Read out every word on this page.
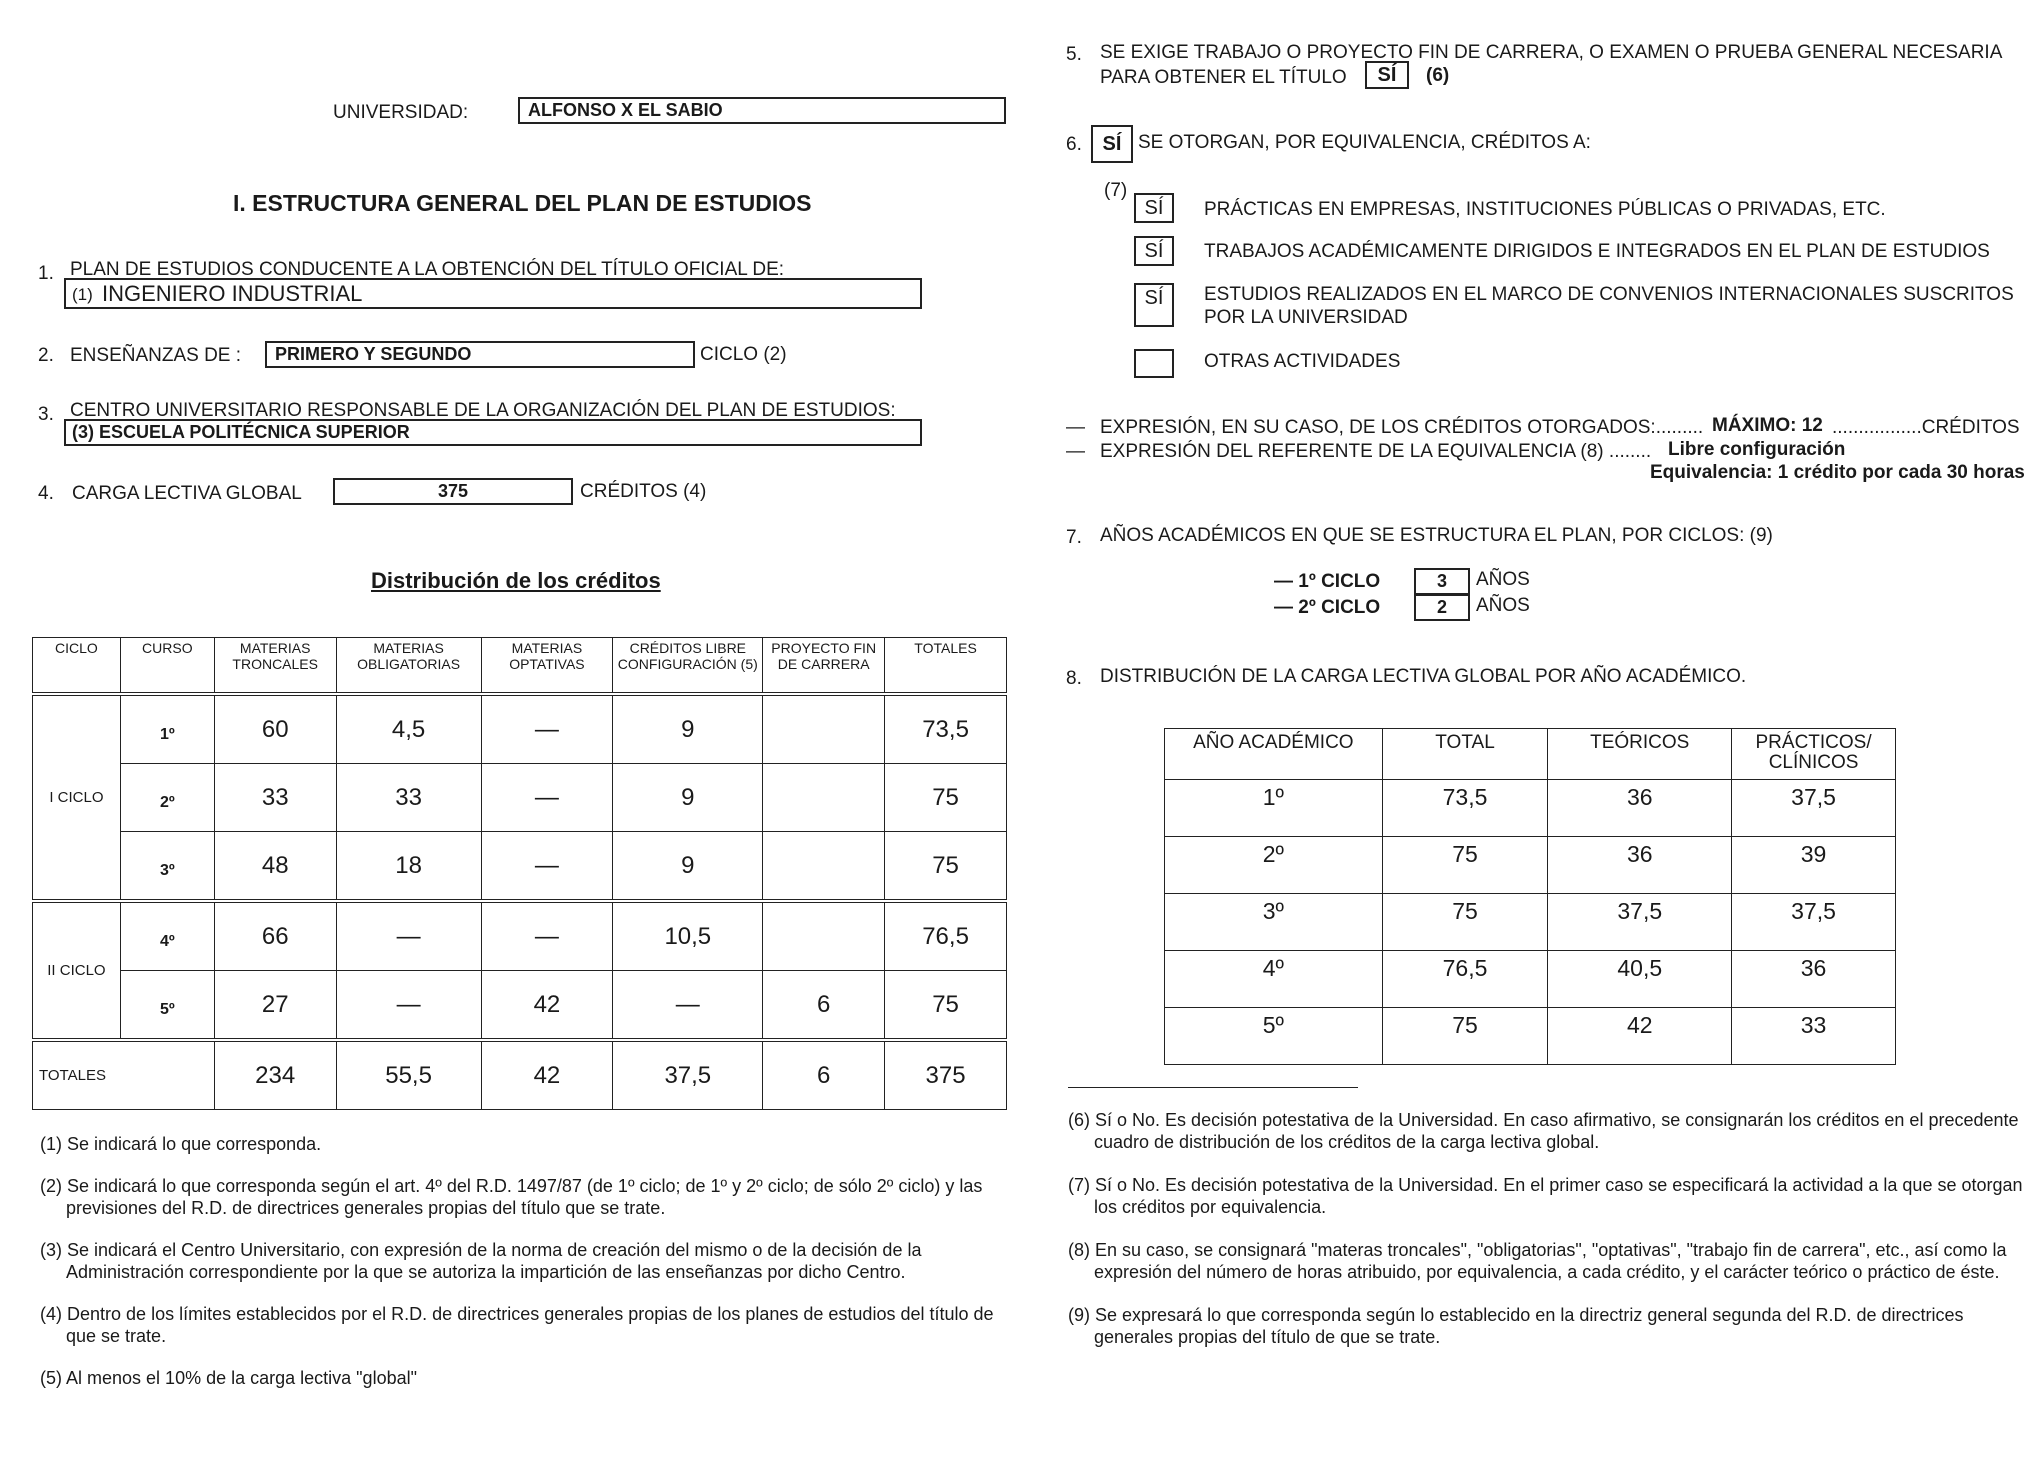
UNIVERSIDAD:	ALFONSO X EL SABIO
I. ESTRUCTURA GENERAL DEL PLAN DE ESTUDIOS
1. PLAN DE ESTUDIOS CONDUCENTE A LA OBTENCIÓN DEL TÍTULO OFICIAL DE:
(1) INGENIERO INDUSTRIAL
2. ENSEÑANZAS DE :	PRIMERO Y SEGUNDO	CICLO (2)
3. CENTRO UNIVERSITARIO RESPONSABLE DE LA ORGANIZACIÓN DEL PLAN DE ESTUDIOS:
(3) ESCUELA POLITÉCNICA SUPERIOR
4. CARGA LECTIVA GLOBAL	375	CRÉDITOS (4)
Distribución de los créditos
CICLO	CURSO	MATERIAS TRONCALES	MATERIAS OBLIGATORIAS	MATERIAS OPTATIVAS	CRÉDITOS LIBRE CONFIGURACIÓN (5)	PROYECTO FIN DE CARRERA	TOTALES
I CICLO	1º	60	4,5	—	9		73,5
	2º	33	33	—	9		75
	3º	48	18	—	9		75
II CICLO	4º	66	—	—	10,5		76,5
	5º	27	—	42	—	6	75
TOTALES		234	55,5	42	37,5	6	375
(1) Se indicará lo que corresponda.
(2) Se indicará lo que corresponda según el art. 4º del R.D. 1497/87 (de 1º ciclo; de 1º y 2º ciclo; de sólo 2º ciclo) y las previsiones del R.D. de directrices generales propias del título que se trate.
(3) Se indicará el Centro Universitario, con expresión de la norma de creación del mismo o de la decisión de la Administración correspondiente por la que se autoriza la impartición de las enseñanzas por dicho Centro.
(4) Dentro de los límites establecidos por el R.D. de directrices generales propias de los planes de estudios del título de que se trate.
(5) Al menos el 10% de la carga lectiva "global"
5. SE EXIGE TRABAJO O PROYECTO FIN DE CARRERA, O EXAMEN O PRUEBA GENERAL NECESARIA
PARA OBTENER EL TÍTULO	SÍ	(6)
6.	SÍ SE OTORGAN, POR EQUIVALENCIA, CRÉDITOS A:
(7)
SÍ	PRÁCTICAS EN EMPRESAS, INSTITUCIONES PÚBLICAS O PRIVADAS, ETC.
SÍ	TRABAJOS ACADÉMICAMENTE DIRIGIDOS E INTEGRADOS EN EL PLAN DE ESTUDIOS
SÍ	ESTUDIOS REALIZADOS EN EL MARCO DE CONVENIOS INTERNACIONALES SUSCRITOS POR LA UNIVERSIDAD
OTRAS ACTIVIDADES
— EXPRESIÓN, EN SU CASO, DE LOS CRÉDITOS OTORGADOS:......... MÁXIMO: 12 .................CRÉDITOS
— EXPRESIÓN DEL REFERENTE DE LA EQUIVALENCIA (8) ........ Libre configuración
Equivalencia: 1 crédito por cada 30 horas
7. AÑOS ACADÉMICOS EN QUE SE ESTRUCTURA EL PLAN, POR CICLOS: (9)
— 1º CICLO	3	AÑOS
— 2º CICLO	2	AÑOS
8. DISTRIBUCIÓN DE LA CARGA LECTIVA GLOBAL POR AÑO ACADÉMICO.
AÑO ACADÉMICO	TOTAL	TEÓRICOS	PRÁCTICOS/ CLÍNICOS
1º	73,5	36	37,5
2º	75	36	39
3º	75	37,5	37,5
4º	76,5	40,5	36
5º	75	42	33
(6) Sí o No. Es decisión potestativa de la Universidad. En caso afirmativo, se consignarán los créditos en el precedente cuadro de distribución de los créditos de la carga lectiva global.
(7) Sí o No. Es decisión potestativa de la Universidad. En el primer caso se especificará la actividad a la que se otorgan los créditos por equivalencia.
(8) En su caso, se consignará "materas troncales", "obligatorias", "optativas", "trabajo fin de carrera", etc., así como la expresión del número de horas atribuido, por equivalencia, a cada crédito, y el carácter teórico o práctico de éste.
(9) Se expresará lo que corresponda según lo establecido en la directriz general segunda del R.D. de directrices generales propias del título de que se trate.
